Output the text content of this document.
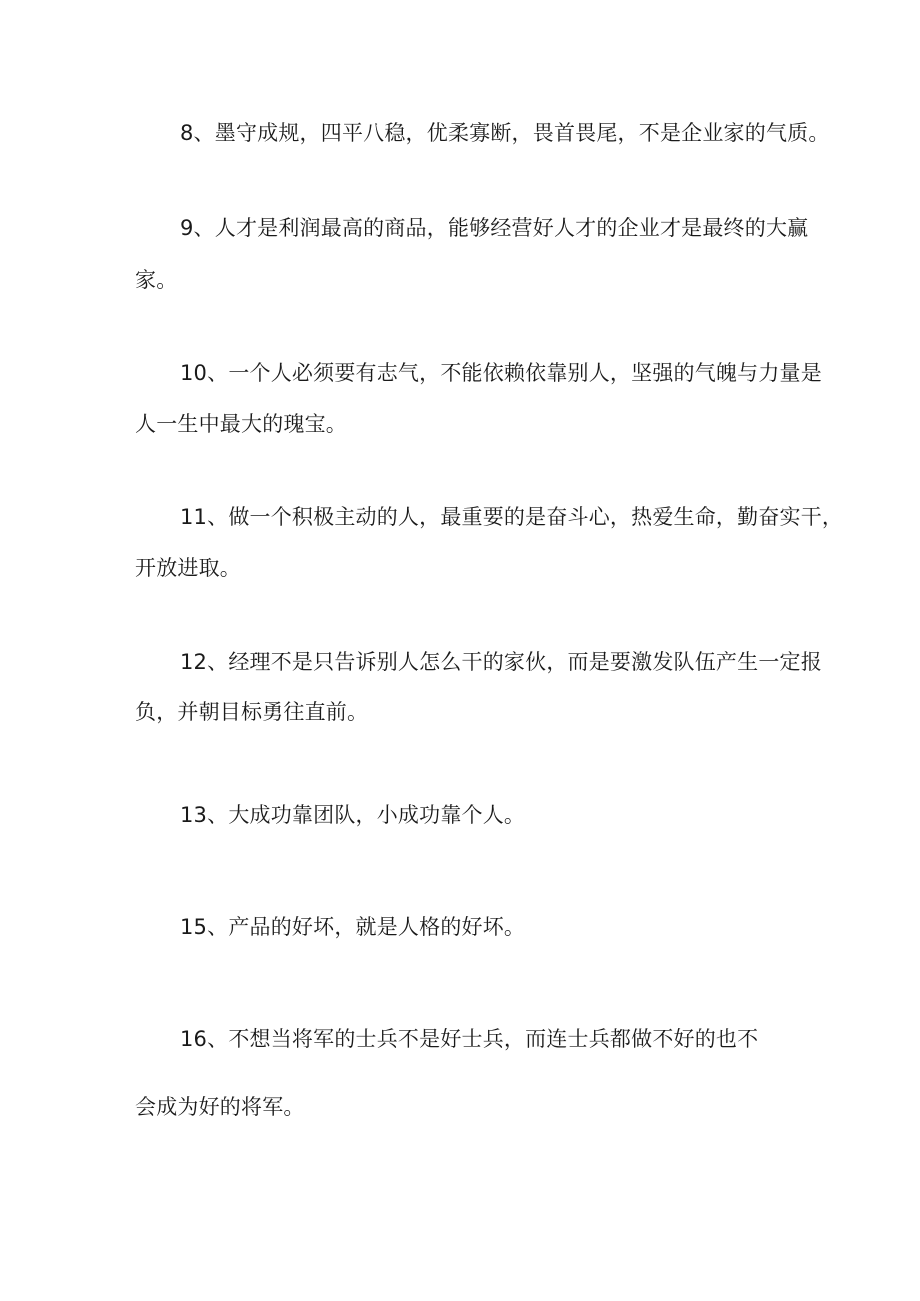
8、墨守成规，四平八稳，优柔寡断，畏首畏尾，不是企业家的气质。

9、人才是利润最高的商品，能够经营好人才的企业才是最终的大赢

家。

10、一个人必须要有志气，不能依赖依靠别人，坚强的气魄与力量是

人一生中最大的瑰宝。

11、做一个积极主动的人，最重要的是奋斗心，热爱生命，勤奋实干，

开放进取。

12、经理不是只告诉别人怎么干的家伙，而是要激发队伍产生一定报

负，并朝目标勇往直前。

13、大成功靠团队，小成功靠个人。

15、产品的好坏，就是人格的好坏。

16、不想当将军的士兵不是好士兵，而连士兵都做不好的也不

会成为好的将军。
